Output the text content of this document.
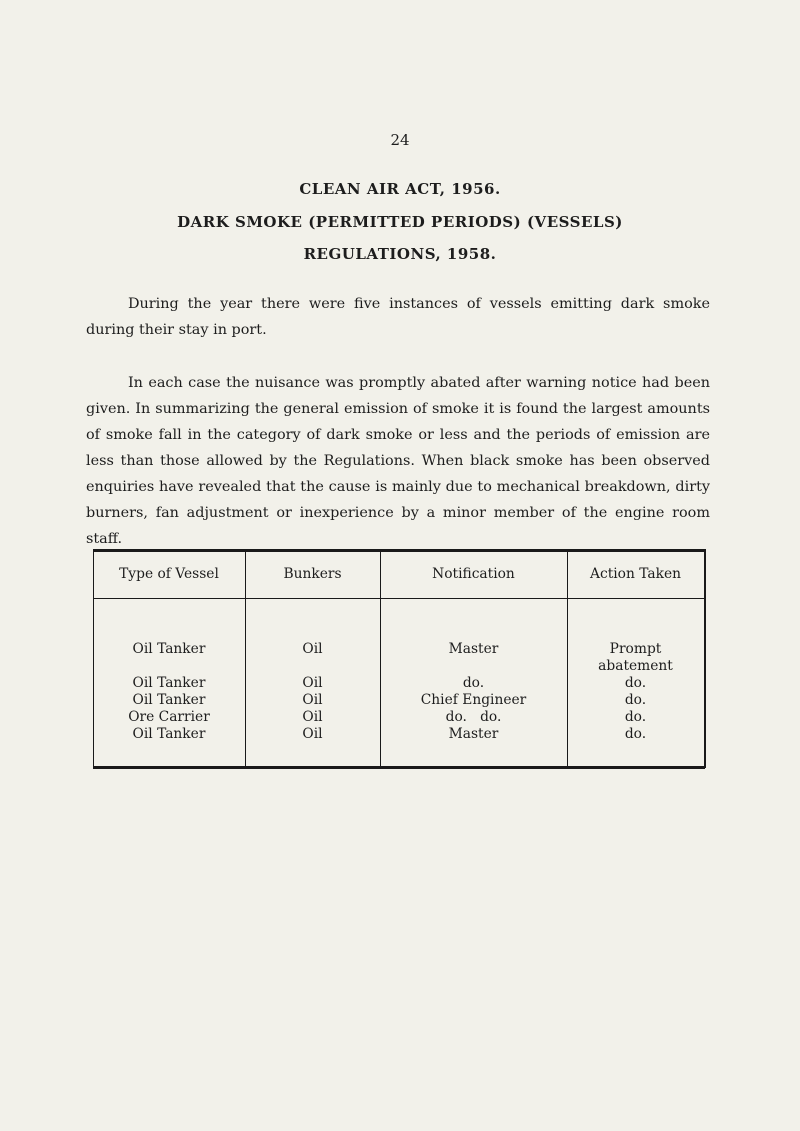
24
CLEAN AIR ACT, 1956.
DARK SMOKE (PERMITTED PERIODS) (VESSELS)
REGULATIONS, 1958.

During the year there were five instances of vessels emitting dark smoke during their stay in port.

In each case the nuisance was promptly abated after warning notice had been given. In summarizing the general emission of smoke it is found the largest amounts of smoke fall in the category of dark smoke or less and the periods of emission are less than those allowed by the Regulations. When black smoke has been observed enquiries have revealed that the cause is mainly due to mechanical breakdown, dirty burners, fan adjustment or inexperience by a minor member of the engine room staff.

Type of Vessel	Bunkers	Notification	Action Taken
Oil Tanker	Oil	Master	Prompt
abatement
Oil Tanker	Oil	do.	do.
Oil Tanker	Oil	Chief Engineer	do.
Ore Carrier	Oil	do.   do.	do.
Oil Tanker	Oil	Master	do.
